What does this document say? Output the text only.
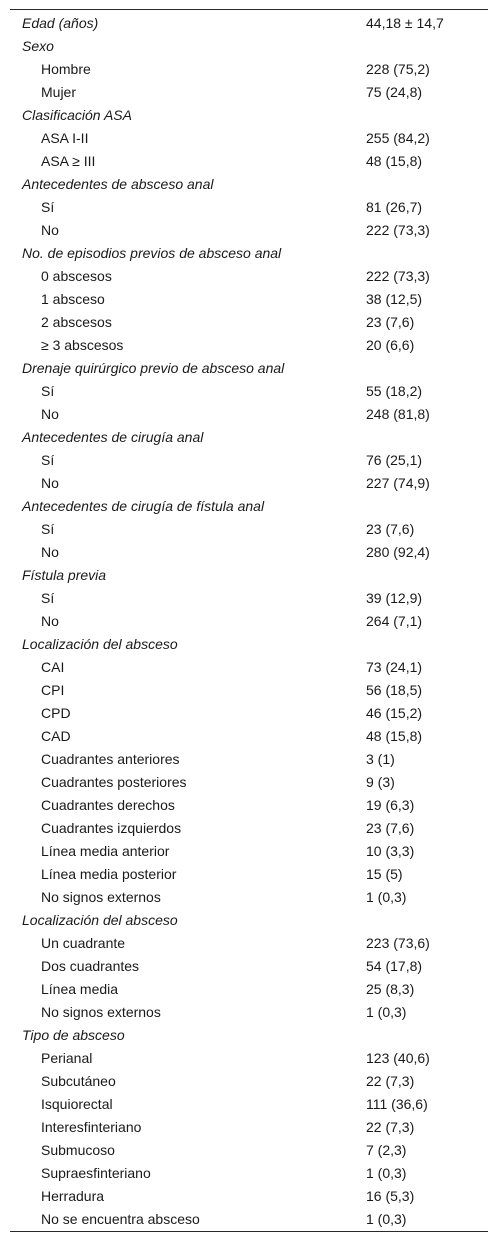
Edad (años)	44,18 ± 14,7
Sexo
Hombre	228 (75,2)
Mujer	75 (24,8)
Clasificación ASA
ASA I-II	255 (84,2)
ASA ≥ III	48 (15,8)
Antecedentes de absceso anal
Sí	81 (26,7)
No	222 (73,3)
No. de episodios previos de absceso anal
0 abscesos	222 (73,3)
1 absceso	38 (12,5)
2 abscesos	23 (7,6)
≥ 3 abscesos	20 (6,6)
Drenaje quirúrgico previo de absceso anal
Sí	55 (18,2)
No	248 (81,8)
Antecedentes de cirugía anal
Sí	76 (25,1)
No	227 (74,9)
Antecedentes de cirugía de fístula anal
Sí	23 (7,6)
No	280 (92,4)
Fístula previa
Sí	39 (12,9)
No	264 (7,1)
Localización del absceso
CAI	73 (24,1)
CPI	56 (18,5)
CPD	46 (15,2)
CAD	48 (15,8)
Cuadrantes anteriores	3 (1)
Cuadrantes posteriores	9 (3)
Cuadrantes derechos	19 (6,3)
Cuadrantes izquierdos	23 (7,6)
Línea media anterior	10 (3,3)
Línea media posterior	15 (5)
No signos externos	1 (0,3)
Localización del absceso
Un cuadrante	223 (73,6)
Dos cuadrantes	54 (17,8)
Línea media	25 (8,3)
No signos externos	1 (0,3)
Tipo de absceso
Perianal	123 (40,6)
Subcutáneo	22 (7,3)
Isquiorectal	111 (36,6)
Interesfinteriano	22 (7,3)
Submucoso	7 (2,3)
Supraesfinteriano	1 (0,3)
Herradura	16 (5,3)
No se encuentra absceso	1 (0,3)
